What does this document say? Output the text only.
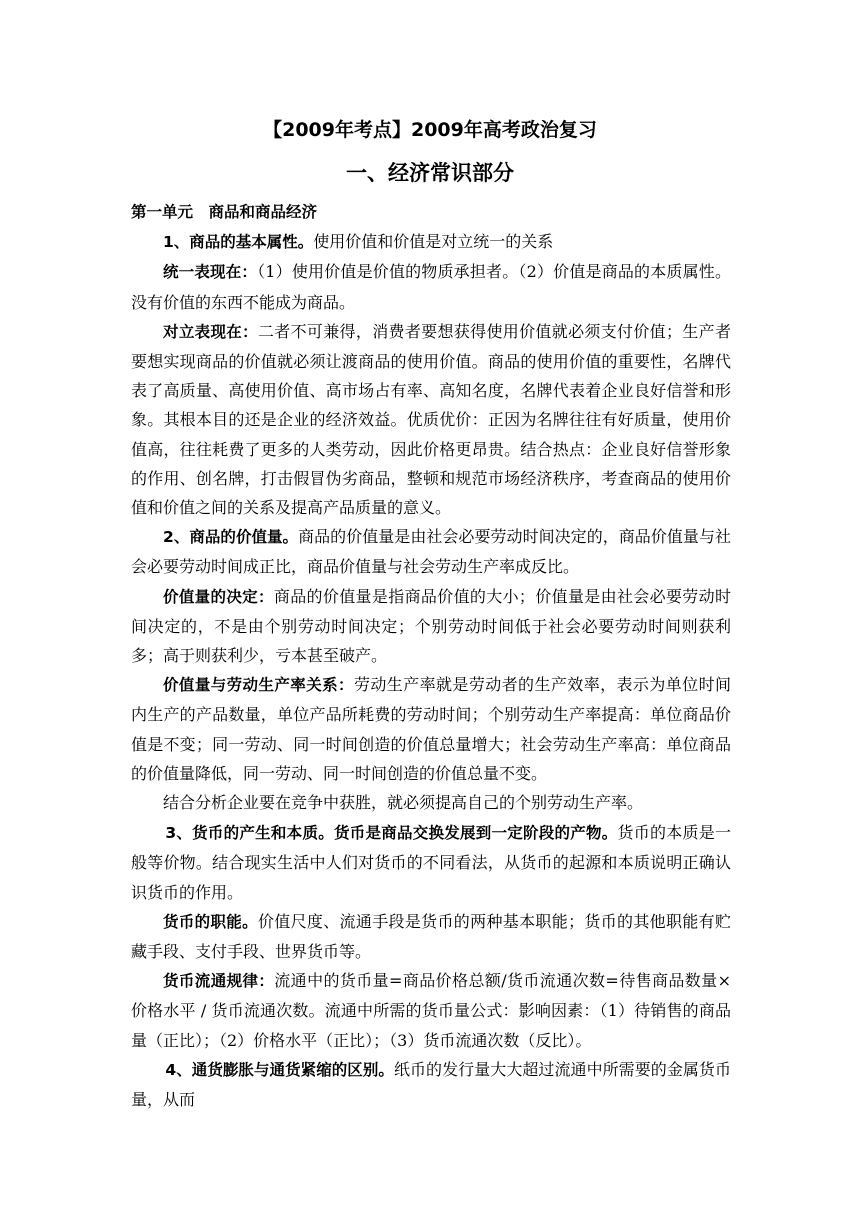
【2009年考点】2009年高考政治复习
一、经济常识部分

第一单元　商品和商品经济

1、商品的基本属性。使用价值和价值是对立统一的关系

统一表现在：（1）使用价值是价值的物质承担者。（2）价值是商品的本质属性。没有价值的东西不能成为商品。

对立表现在：二者不可兼得，消费者要想获得使用价值就必须支付价值；生产者要想实现商品的价值就必须让渡商品的使用价值。商品的使用价值的重要性，名牌代表了高质量、高使用价值、高市场占有率、高知名度，名牌代表着企业良好信誉和形象。其根本目的还是企业的经济效益。优质优价：正因为名牌往往有好质量，使用价值高，往往耗费了更多的人类劳动，因此价格更昂贵。结合热点：企业良好信誉形象的作用、创名牌，打击假冒伪劣商品，整顿和规范市场经济秩序，考查商品的使用价值和价值之间的关系及提高产品质量的意义。

2、商品的价值量。商品的价值量是由社会必要劳动时间决定的，商品价值量与社会必要劳动时间成正比，商品价值量与社会劳动生产率成反比。

价值量的决定：商品的价值量是指商品价值的大小；价值量是由社会必要劳动时间决定的，不是由个别劳动时间决定；个别劳动时间低于社会必要劳动时间则获利多；高于则获利少，亏本甚至破产。

价值量与劳动生产率关系：劳动生产率就是劳动者的生产效率，表示为单位时间内生产的产品数量，单位产品所耗费的劳动时间；个别劳动生产率提高：单位商品价值是不变；同一劳动、同一时间创造的价值总量增大；社会劳动生产率高：单位商品的价值量降低，同一劳动、同一时间创造的价值总量不变。

结合分析企业要在竞争中获胜，就必须提高自己的个别劳动生产率。

3、货币的产生和本质。货币是商品交换发展到一定阶段的产物。货币的本质是一般等价物。结合现实生活中人们对货币的不同看法，从货币的起源和本质说明正确认识货币的作用。

货币的职能。价值尺度、流通手段是货币的两种基本职能；货币的其他职能有贮藏手段、支付手段、世界货币等。

货币流通规律：流通中的货币量=商品价格总额/货币流通次数=待售商品数量×价格水平 / 货币流通次数。流通中所需的货币量公式：影响因素：（1）待销售的商品量（正比）；（2）价格水平（正比）；（3）货币流通次数（反比）。

4、通货膨胀与通货紧缩的区别。纸币的发行量大大超过流通中所需要的金属货币量，从而
